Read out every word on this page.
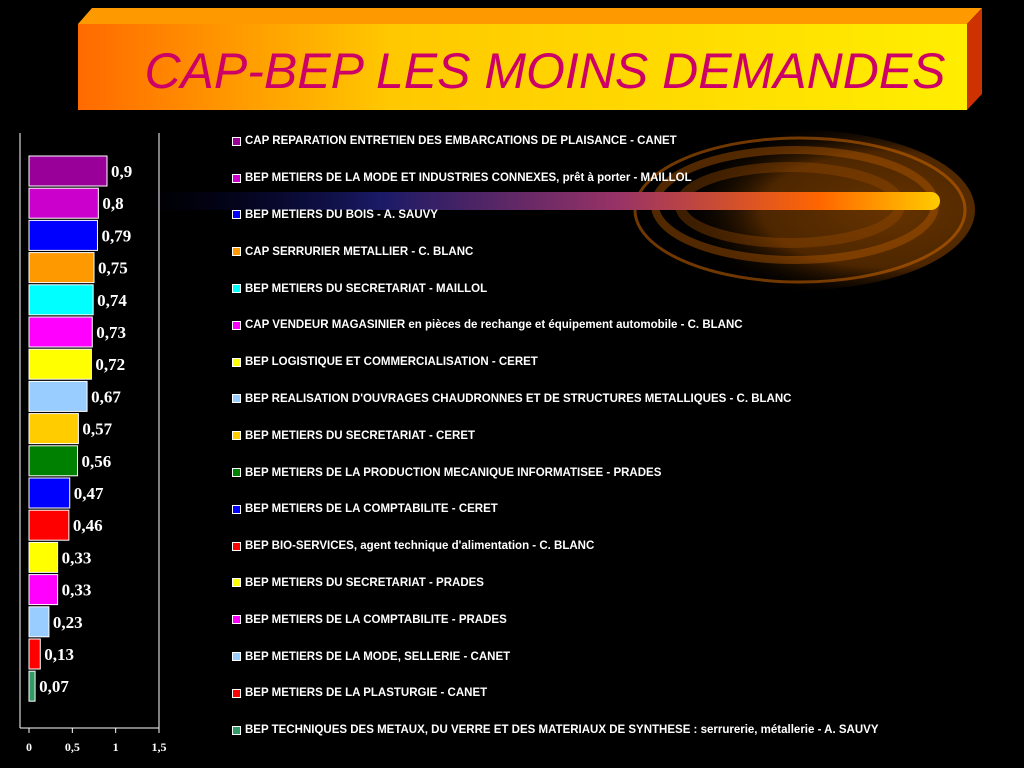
CAP-BEP LES MOINS DEMANDES
0,9
0,8
0,79
0,75
0,74
0,73
0,72
0,67
0,57
0,56
0,47
0,46
0,33
0,33
0,23
0,13
0,07
0	0,5	1	1,5
CAP REPARATION ENTRETIEN DES EMBARCATIONS DE PLAISANCE - CANET
BEP METIERS DE LA MODE ET INDUSTRIES CONNEXES, prêt à porter - MAILLOL
BEP METIERS DU BOIS - A. SAUVY
CAP SERRURIER METALLIER - C. BLANC
BEP METIERS DU SECRETARIAT - MAILLOL
CAP VENDEUR MAGASINIER en pièces de rechange et équipement automobile - C. BLANC
BEP LOGISTIQUE ET COMMERCIALISATION - CERET
BEP REALISATION D'OUVRAGES CHAUDRONNES ET DE STRUCTURES METALLIQUES - C. BLANC
BEP METIERS DU SECRETARIAT - CERET
BEP METIERS DE LA PRODUCTION MECANIQUE INFORMATISEE - PRADES
BEP METIERS DE LA COMPTABILITE - CERET
BEP BIO-SERVICES, agent technique d'alimentation - C. BLANC
BEP METIERS DU SECRETARIAT - PRADES
BEP METIERS DE LA COMPTABILITE - PRADES
BEP METIERS DE LA MODE, SELLERIE - CANET
BEP METIERS DE LA PLASTURGIE - CANET
BEP TECHNIQUES DES METAUX, DU VERRE ET DES MATERIAUX DE SYNTHESE : serrurerie, métallerie - A. SAUVY
